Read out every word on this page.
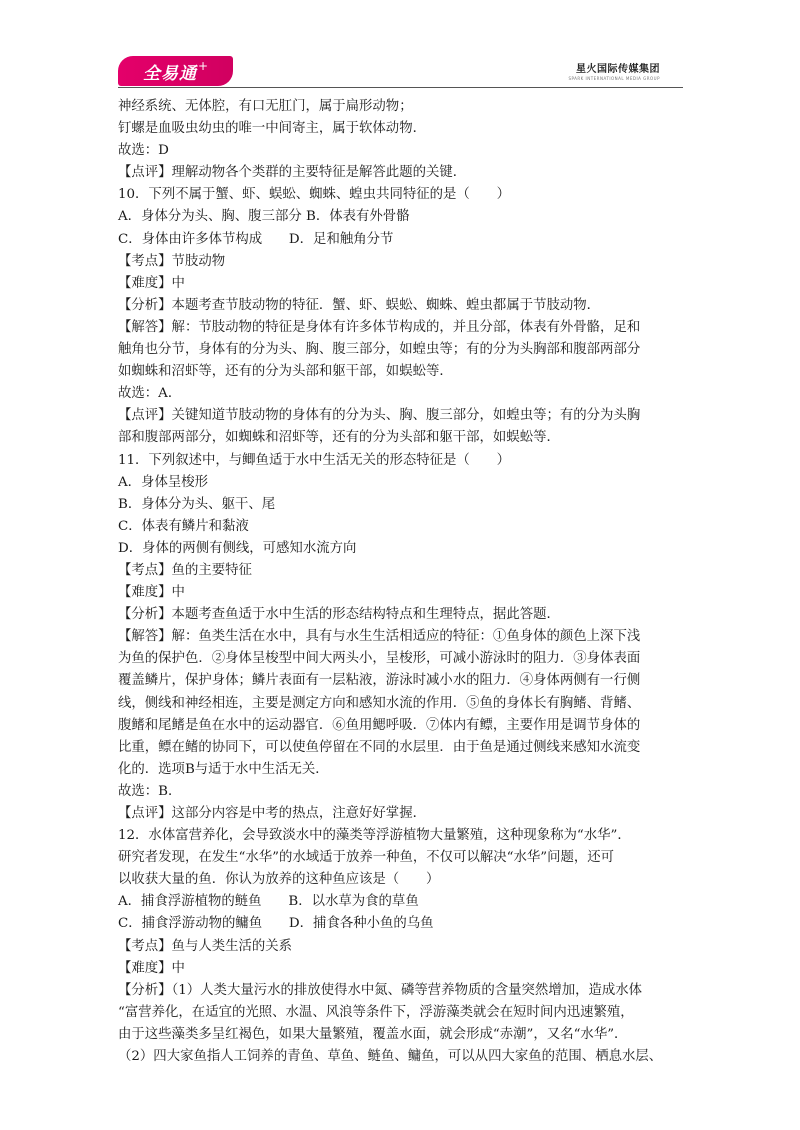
全易通 +	星火国际传媒集团
SPARK INTERNATIONAL MEDIA GROUP
神经系统、无体腔，有口无肛门，属于扁形动物；
钉螺是血吸虫幼虫的唯一中间寄主，属于软体动物．
故选：D
【点评】理解动物各个类群的主要特征是解答此题的关键．
10．下列不属于蟹、虾、蜈蚣、蜘蛛、蝗虫共同特征的是（　　）
A．身体分为头、胸、腹三部分 B．体表有外骨骼
C．身体由许多体节构成　　D．足和触角分节
【考点】节肢动物
【难度】中
【分析】本题考查节肢动物的特征．蟹、虾、蜈蚣、蜘蛛、蝗虫都属于节肢动物．
【解答】解：节肢动物的特征是身体有许多体节构成的，并且分部，体表有外骨骼，足和
触角也分节，身体有的分为头、胸、腹三部分，如蝗虫等；有的分为头胸部和腹部两部分
如蜘蛛和沼虾等，还有的分为头部和躯干部，如蜈蚣等．
故选：A．
【点评】关键知道节肢动物的身体有的分为头、胸、腹三部分，如蝗虫等；有的分为头胸
部和腹部两部分，如蜘蛛和沼虾等，还有的分为头部和躯干部，如蜈蚣等．
11．下列叙述中，与鲫鱼适于水中生活无关的形态特征是（　　）
A．身体呈梭形
B．身体分为头、躯干、尾
C．体表有鳞片和黏液
D．身体的两侧有侧线，可感知水流方向
【考点】鱼的主要特征
【难度】中
【分析】本题考查鱼适于水中生活的形态结构特点和生理特点，据此答题．
【解答】解：鱼类生活在水中，具有与水生生活相适应的特征：①鱼身体的颜色上深下浅
为鱼的保护色．②身体呈梭型中间大两头小，呈梭形，可减小游泳时的阻力．③身体表面
覆盖鳞片，保护身体；鳞片表面有一层粘液，游泳时减小水的阻力．④身体两侧有一行侧
线，侧线和神经相连，主要是测定方向和感知水流的作用．⑤鱼的身体长有胸鳍、背鳍、
腹鳍和尾鳍是鱼在水中的运动器官．⑥鱼用鳃呼吸．⑦体内有鳔，主要作用是调节身体的
比重，鳔在鳍的协同下，可以使鱼停留在不同的水层里．由于鱼是通过侧线来感知水流变
化的．选项B与适于水中生活无关．
故选：B．
【点评】这部分内容是中考的热点，注意好好掌握．
12．水体富营养化，会导致淡水中的藻类等浮游植物大量繁殖，这种现象称为“水华”．
研究者发现，在发生“水华”的水域适于放养一种鱼，不仅可以解决“水华”问题，还可
以收获大量的鱼．你认为放养的这种鱼应该是（　　）
A．捕食浮游植物的鲢鱼　　B．以水草为食的草鱼
C．捕食浮游动物的鳙鱼　　D．捕食各种小鱼的乌鱼
【考点】鱼与人类生活的关系
【难度】中
【分析】（1）人类大量污水的排放使得水中氮、磷等营养物质的含量突然增加，造成水体
“富营养化，在适宜的光照、水温、风浪等条件下，浮游藻类就会在短时间内迅速繁殖，
由于这些藻类多呈红褐色，如果大量繁殖，覆盖水面，就会形成“赤潮”，又名“水华”．
（2）四大家鱼指人工饲养的青鱼、草鱼、鲢鱼、鳙鱼，可以从四大家鱼的范围、栖息水层、
